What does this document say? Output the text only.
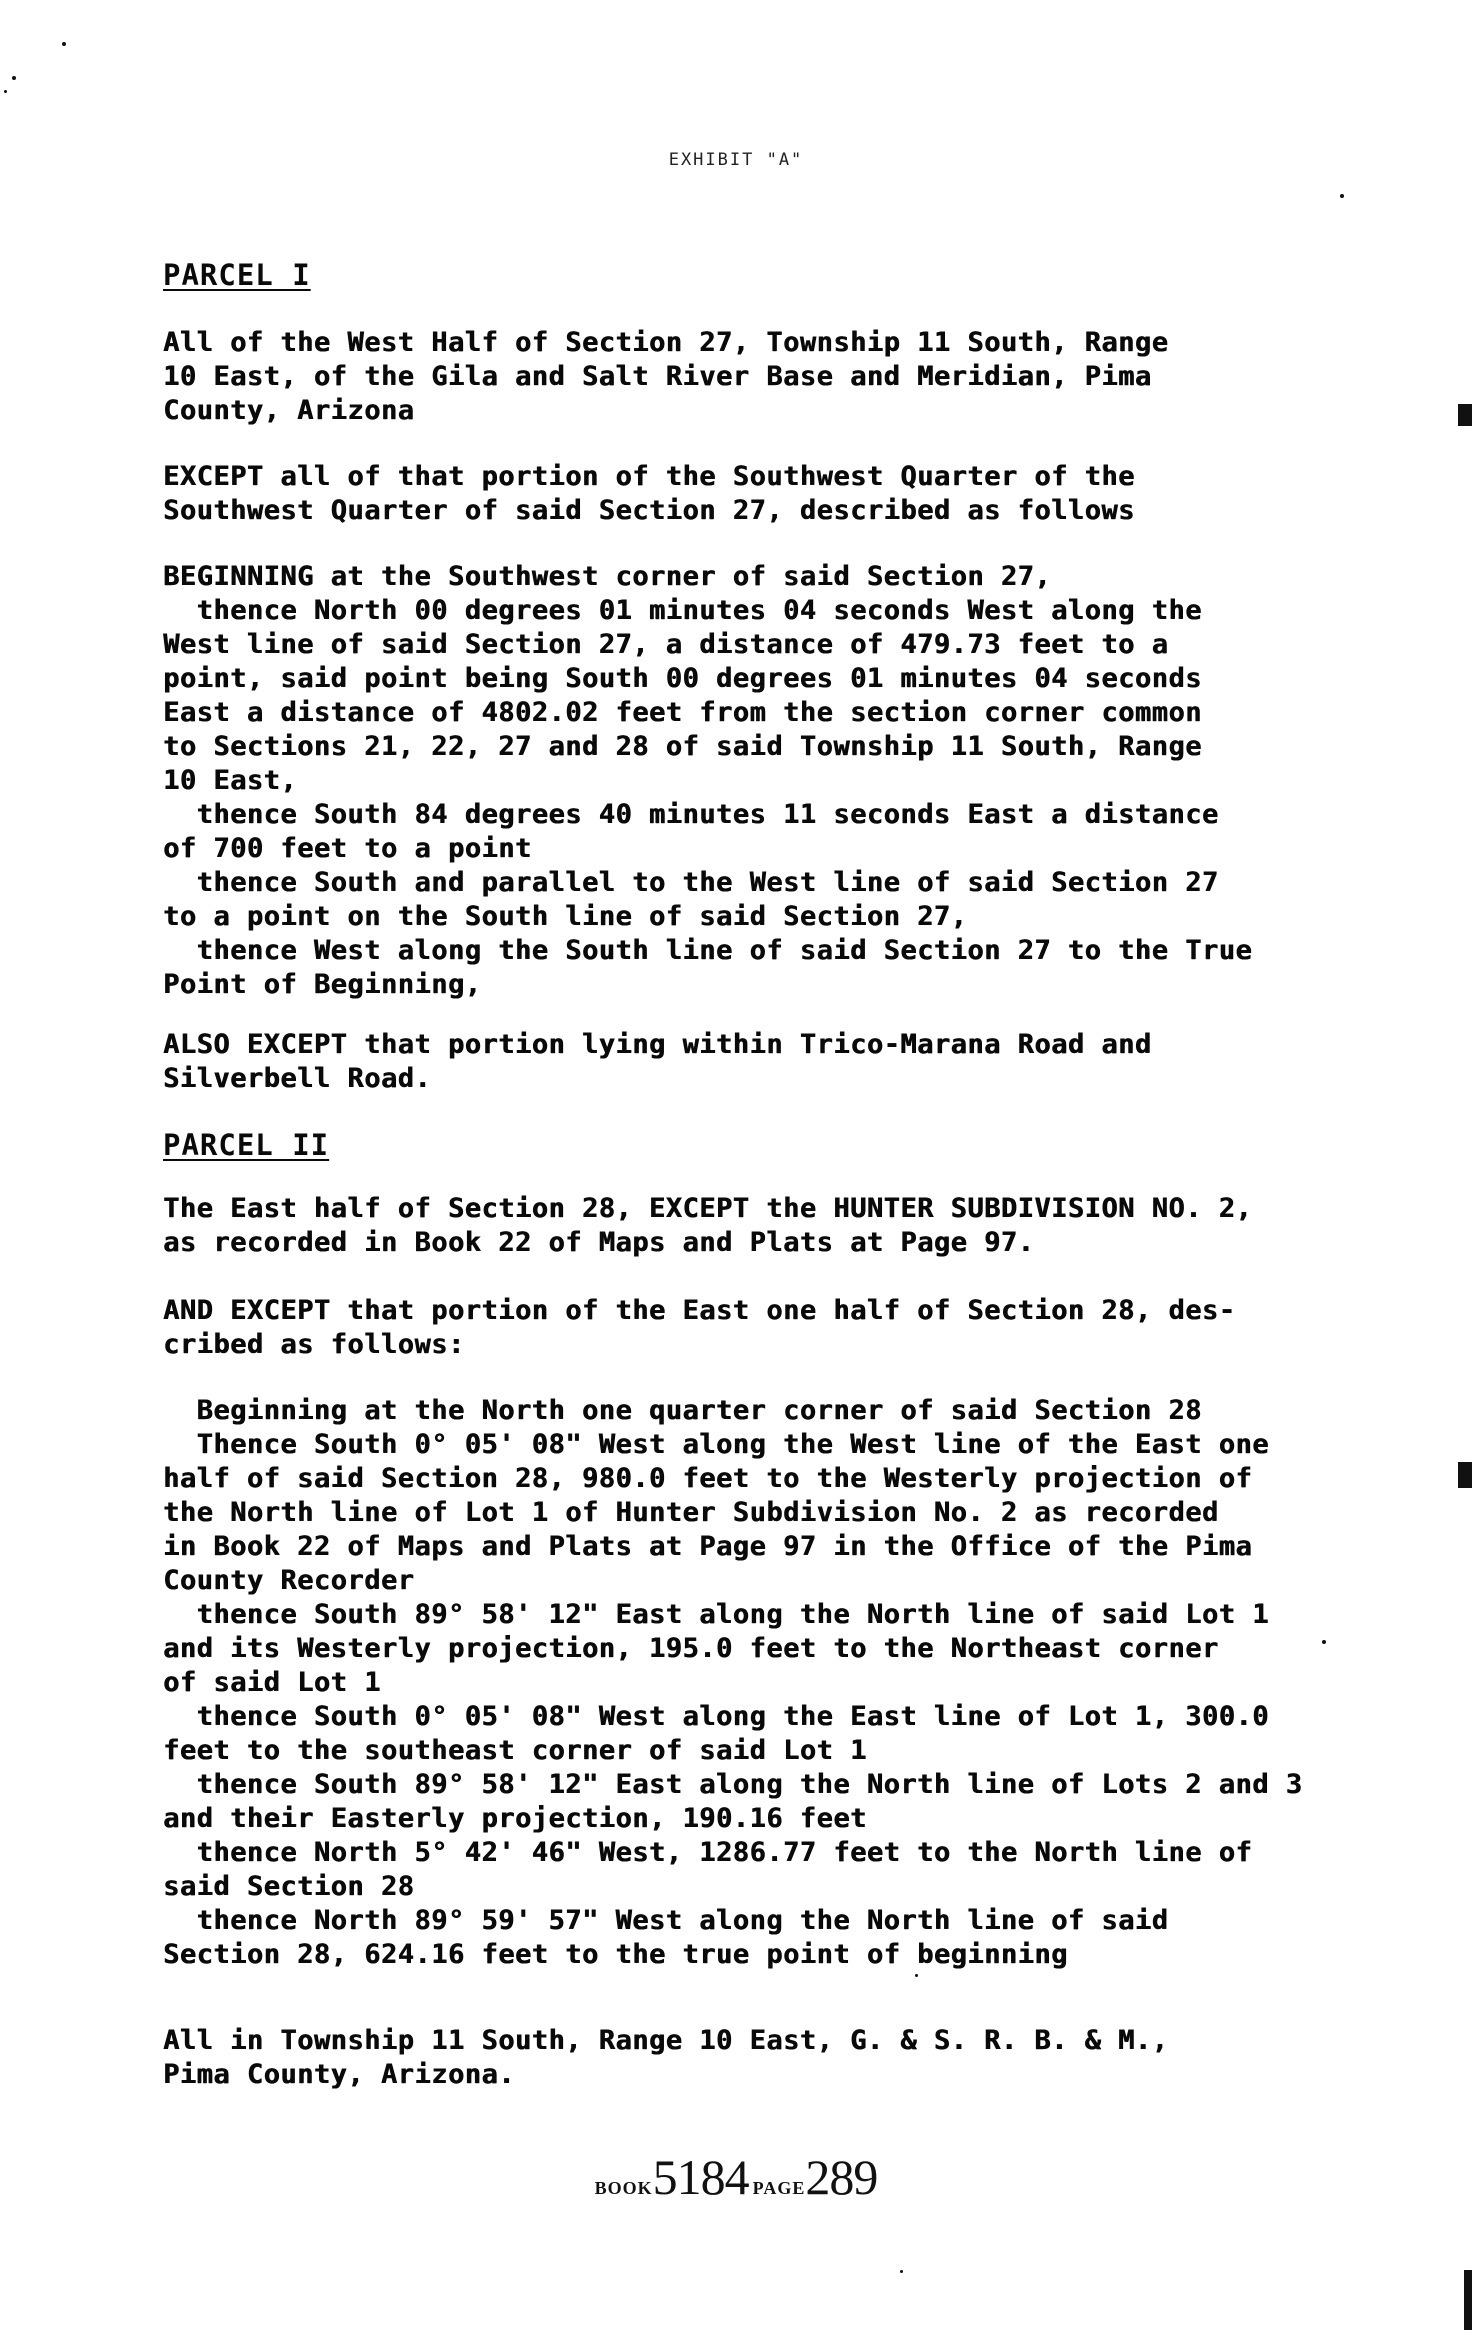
EXHIBIT "A"
PARCEL I
All of the West Half of Section 27, Township 11 South, Range
10 East, of the Gila and Salt River Base and Meridian, Pima
County, Arizona
EXCEPT all of that portion of the Southwest Quarter of the
Southwest Quarter of said Section 27, described as follows
BEGINNING at the Southwest corner of said Section 27,
thence North 00 degrees 01 minutes 04 seconds West along the
West line of said Section 27, a distance of 479.73 feet to a
point, said point being South 00 degrees 01 minutes 04 seconds
East a distance of 4802.02 feet from the section corner common
to Sections 21, 22, 27 and 28 of said Township 11 South, Range
10 East,
thence South 84 degrees 40 minutes 11 seconds East a distance
of 700 feet to a point
thence South and parallel to the West line of said Section 27
to a point on the South line of said Section 27,
thence West along the South line of said Section 27 to the True
Point of Beginning,
ALSO EXCEPT that portion lying within Trico-Marana Road and
Silverbell Road.
PARCEL II
The East half of Section 28, EXCEPT the HUNTER SUBDIVISION NO. 2,
as recorded in Book 22 of Maps and Plats at Page 97.
AND EXCEPT that portion of the East one half of Section 28, des-
cribed as follows:
Beginning at the North one quarter corner of said Section 28
Thence South 0° 05' 08" West along the West line of the East one
half of said Section 28, 980.0 feet to the Westerly projection of
the North line of Lot 1 of Hunter Subdivision No. 2 as recorded
in Book 22 of Maps and Plats at Page 97 in the Office of the Pima
County Recorder
thence South 89° 58' 12" East along the North line of said Lot 1
and its Westerly projection, 195.0 feet to the Northeast corner
of said Lot 1
thence South 0° 05' 08" West along the East line of Lot 1, 300.0
feet to the southeast corner of said Lot 1
thence South 89° 58' 12" East along the North line of Lots 2 and 3
and their Easterly projection, 190.16 feet
thence North 5° 42' 46" West, 1286.77 feet to the North line of
said Section 28
thence North 89° 59' 57" West along the North line of said
Section 28, 624.16 feet to the true point of beginning
All in Township 11 South, Range 10 East, G. & S. R. B. & M.,
Pima County, Arizona.
BOOK5184 PAGE289
